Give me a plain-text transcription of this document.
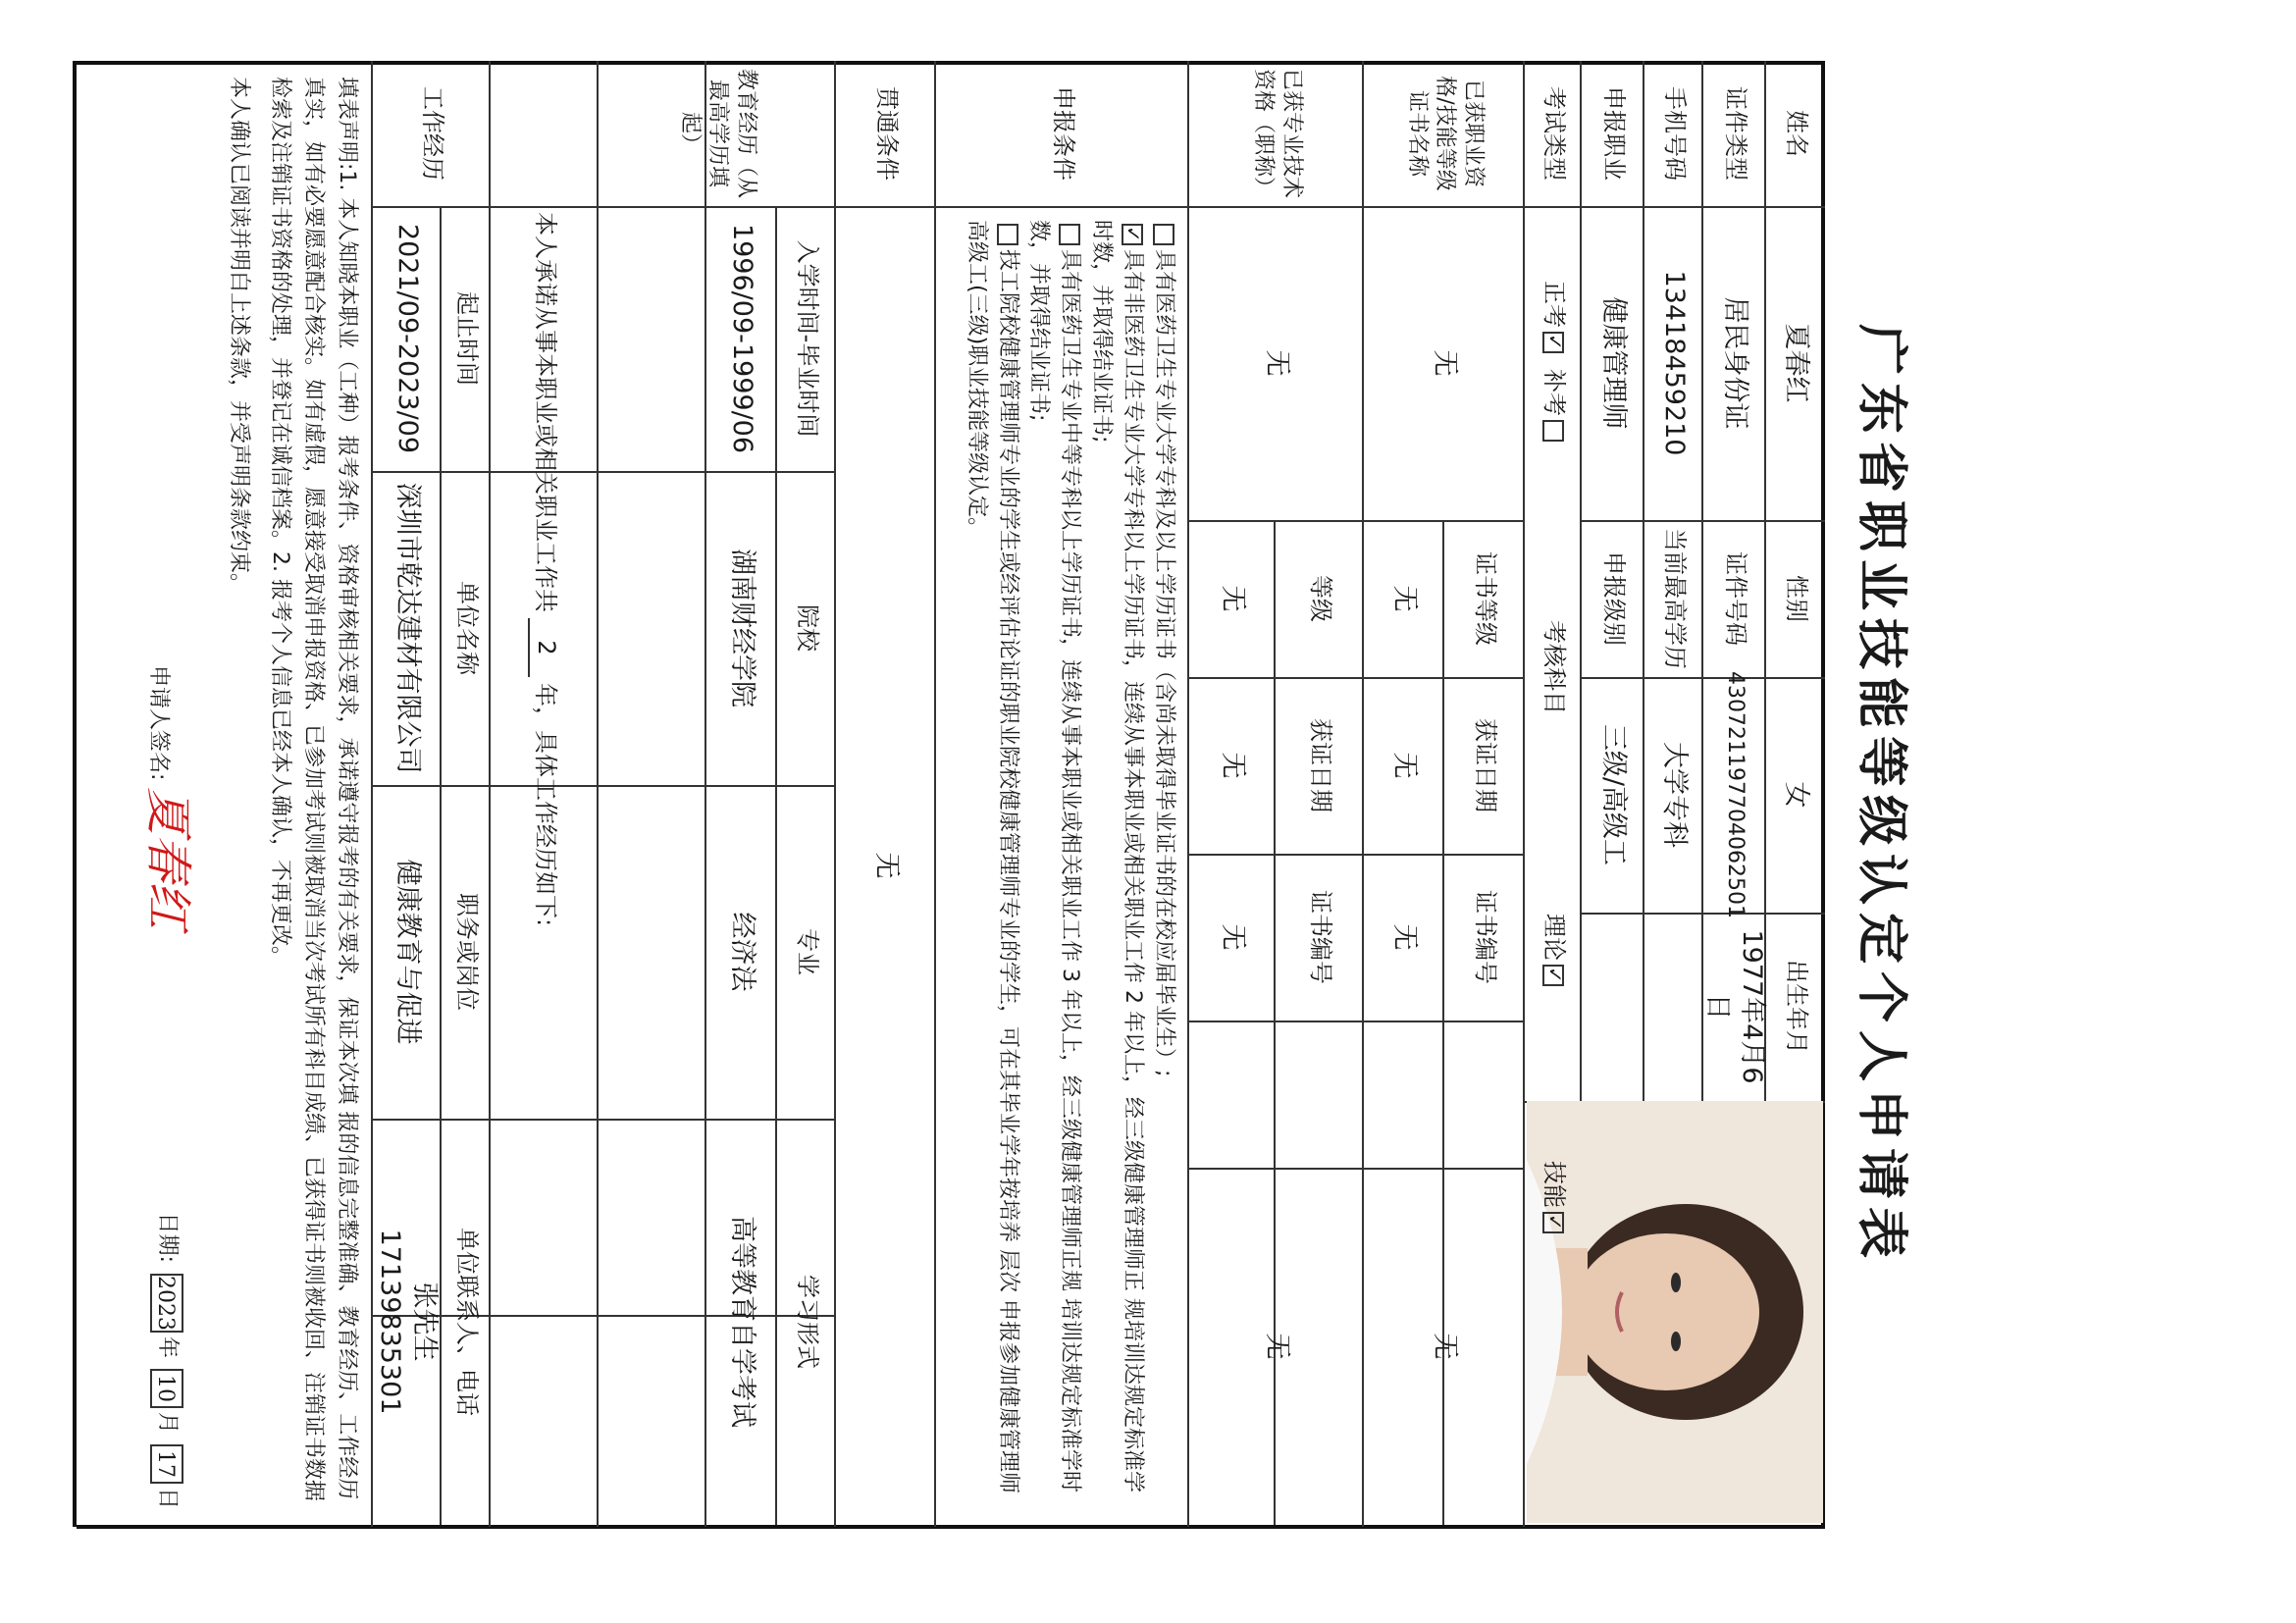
广东省职业技能等级认定个人申请表
姓名
夏春红
性别
女
出生年月
1977年4月6日
证件类型
居民身份证
证件号码
430721197704062501
手机号码
13418459210
当前最高学历
大学专科
申报职业
健康管理师
申报级别
三级/高级工
考试类型
正考
✓
补考
考核科目
理论
✓
技能
✓
已获职业资格/技能等级证书名称
无
证书等级
无
获证日期
无
证书编号
无
已获专业技术资格（职称）
无
等级
无
获证日期
无
证书编号
无
无
无
申报条件
具有医药卫生专业大学专科及以上学历证书（含尚未取得毕业证书的在校应届毕业生）;
✓具有非医药卫生专业大学专科以上学历证书，连续从事本职业或相关职业工作 2 年以上，经三级健康管理师正 规培训达规定标准学时数，并取得结业证书;
具有医药卫生专业中等专科以上学历证书，连续从事本职业或相关职业工作 3 年以上，经三级健康管理师正规 培训达规定标准学时数，并取得结业证书;
技工院校健康管理师专业的学生或经评估论证的职业院校健康管理师专业的学生，可在其毕业学年按培养 层次 申报参加健康管理师高级工(三级)职业技能等级认定。
贯通条件
无
教育经历（从最高学历填起）
入学时间-毕业时间
院校
专业
学习形式
1996/09-1999/06
湖南财经学院
经济法
高等教育自学考试
本人承诺从事本职业或相关职业工作共
2
年，具体工作经历如下:
工作经历
起止时间
单位名称
职务或岗位
单位联系人、电话
2021/09-2023/09
深圳市乾达建材有限公司
健康教育与促进
张先生
17139835301
填表声明:1. 本人知晓本职业（工种）报考条件、资格审核相关要求，承诺遵守报考的有关要求，保证本次填 报的信息完整准确、教育经历、工作经历真实，如有必要愿意配合核实。如有虚假，愿意接受取消申报资格、已参加考试则被取消当次考试所有科目成绩、已获得证书则被收回、注销证书数据检索及注销证书资格的处理，并登记在诚信档案。2. 报考个人信息已经本人确认，不再更改。
本人确认已阅读并明白上述条款，并受声明条款约束。
申请人签名: 夏春红
日期: 2023年 10月 17日
